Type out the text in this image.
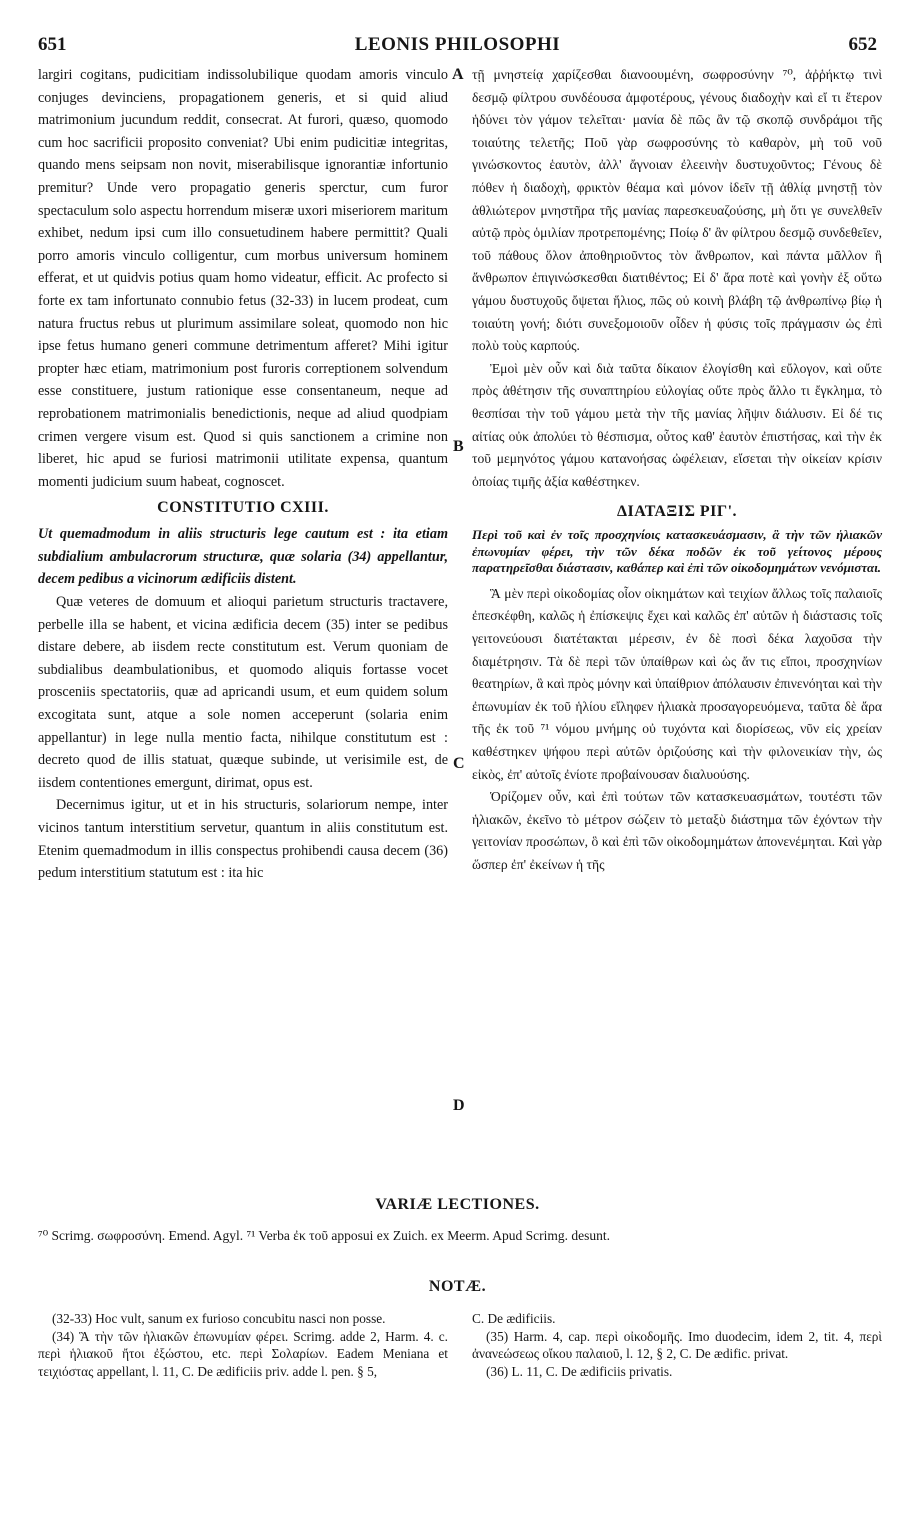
651	LEONIS PHILOSOPHI	652

largiri cogitans, pudicitiam indissolubilique quodam amoris vinculo conjuges devinciens, propagationem generis, et si quid aliud matrimonium jucundum reddit, consecrat. At furori, quæso, quomodo cum hoc sacrificii proposito conveniat? Ubi enim pudicitiæ integritas, quando mens seipsam non novit, miserabilisque ignorantiæ infortunio premitur? Unde vero propagatio generis sperctur, cum furor spectaculum solo aspectu horrendum miseræ uxori miseriorem maritum exhibet, nedum ipsi cum illo consuetudinem habere permittit? Quali porro amoris vinculo colligentur, cum morbus universum hominem efferat, et ut quidvis potius quam homo videatur, efficit. Ac profecto si forte ex tam infortunato connubio fetus (32-33) in lucem prodeat, cum natura fructus rebus ut plurimum assimilare soleat, quomodo non hic ipse fetus humano generi commune detrimentum afferet? Mihi igitur propter hæc etiam, matrimonium post furoris correptionem solvendum esse constituere, justum rationique esse consentaneum, neque ad reprobationem matrimonialis benedictionis, neque ad aliud quodpiam crimen vergere visum est. Quod si quis sanctionem a crimine non liberet, hic apud se furiosi matrimonii utilitate expensa, quantum momenti judicium suum habeat, cognoscet.

CONSTITUTIO CXIII.

Ut quemadmodum in aliis structuris lege cautum est : ita etiam subdialium ambulacrorum structuræ, quæ solaria (34) appellantur, decem pedibus a vicinorum ædificiis distent.

Quæ veteres de domuum et alioqui parietum structuris tractavere, perbelle illa se habent, et vicina ædificia decem (35) inter se pedibus distare debere, ab iisdem recte constitutum est. Verum quoniam de subdialibus deambulationibus, et quomodo aliquis fortasse vocet prosceniis spectatoriis, quæ ad apricandi usum, et eum quidem solum excogitata sunt, atque a sole nomen acceperunt (solaria enim appellantur) in lege nulla mentio facta, nihilque constitutum est : decreto quod de illis statuat, quæque subinde, ut verisimile est, de iisdem contentiones emergunt, dirimat, opus est.

Decernimus igitur, ut et in his structuris, solariorum nempe, inter vicinos tantum interstitium servetur, quantum in aliis constitutum est. Etenim quemadmodum in illis conspectus prohibendi causa decem (36) pedum interstitium statutum est : ita hic

A
B
C
D

τῇ μνηστείᾳ χαρίζεσθαι διανοουμένη, σωφροσύνην ⁷⁰, ἀῤῥήκτῳ τινὶ δεσμῷ φίλτρου συνδέουσα ἀμφοτέρους, γένους διαδοχὴν καὶ εἴ τι ἕτερον ἡδύνει τὸν γάμον τελεῖται· μανία δὲ πῶς ἂν τῷ σκοπῷ συνδράμοι τῆς τοιαύτης τελετῆς; Ποῦ γὰρ σωφροσύνης τὸ καθαρὸν, μὴ τοῦ νοῦ γινώσκοντος ἑαυτὸν, ἀλλ' ἄγνοιαν ἐλεεινὴν δυστυχοῦντος; Γένους δὲ πόθεν ἡ διαδοχὴ, φρικτὸν θέαμα καὶ μόνον ἰδεῖν τῇ ἀθλίᾳ μνηστῇ τὸν ἀθλιώτερον μνηστῆρα τῆς μανίας παρεσκευαζούσης, μὴ ὅτι γε συνελθεῖν αὐτῷ πρὸς ὁμιλίαν προτρεπομένης; Ποίῳ δ' ἂν φίλτρου δεσμῷ συνδεθεῖεν, τοῦ πάθους ὅλον ἀποθηριοῦντος τὸν ἄνθρωπον, καὶ πάντα μᾶλλον ἢ ἄνθρωπον ἐπιγινώσκεσθαι διατιθέντος; Εἰ δ' ἄρα ποτὲ καὶ γονὴν ἐξ οὕτω γάμου δυστυχοῦς ὄψεται ἥλιος, πῶς οὐ κοινὴ βλάβη τῷ ἀνθρωπίνῳ βίῳ ἡ τοιαύτη γονή; διότι συνεξομοιοῦν οἶδεν ἡ φύσις τοῖς πράγμασιν ὡς ἐπὶ πολὺ τοὺς καρπούς.

Ἐμοὶ μὲν οὖν καὶ διὰ ταῦτα δίκαιον ἐλογίσθη καὶ εὔλογον, καὶ οὔτε πρὸς ἀθέτησιν τῆς συναπτηρίου εὐλογίας οὔτε πρὸς ἄλλο τι ἔγκλημα, τὸ θεσπίσαι τὴν τοῦ γάμου μετὰ τὴν τῆς μανίας λῆψιν διάλυσιν. Εἰ δέ τις αἰτίας οὐκ ἀπολύει τὸ θέσπισμα, οὗτος καθ' ἑαυτὸν ἐπιστήσας, καὶ τὴν ἐκ τοῦ μεμηνότος γάμου κατανοήσας ὠφέλειαν, εἴσεται τὴν οἰκείαν κρίσιν ὁποίας τιμῆς ἀξία καθέστηκεν.

ΔΙΑΤΑΞΙΣ ΡΙΓ'.

Περὶ τοῦ καὶ ἐν τοῖς προσχηνίοις κατασκευάσμασιν, ἃ τὴν τῶν ἡλιακῶν ἐπωνυμίαν φέρει, τὴν τῶν δέκα ποδῶν ἐκ τοῦ γείτονος μέρους παρατηρεῖσθαι διάστασιν, καθάπερ καὶ ἐπὶ τῶν οἰκοδομημάτων νενόμισται.

Ἃ μὲν περὶ οἰκοδομίας οἷον οἰκημάτων καὶ τειχίων ἄλλως τοῖς παλαιοῖς ἐπεσκέφθη, καλῶς ἡ ἐπίσκεψις ἔχει καὶ καλῶς ἐπ' αὐτῶν ἡ διάστασις τοῖς γειτονεύουσι διατέτακται μέρεσιν, ἐν δὲ ποσὶ δέκα λαχοῦσα τὴν διαμέτρησιν. Τὰ δὲ περὶ τῶν ὑπαίθρων καὶ ὡς ἄν τις εἴποι, προσχηνίων θεατηρίων, ἃ καὶ πρὸς μόνην καὶ ὑπαίθριον ἀπόλαυσιν ἐπινενόηται καὶ τὴν ἐπωνυμίαν ἐκ τοῦ ἡλίου εἴληφεν ἡλιακὰ προσαγορευόμενα, ταῦτα δὲ ἄρα τῆς ἐκ τοῦ ⁷¹ νόμου μνήμης οὐ τυχόντα καὶ διορίσεως, νῦν εἰς χρείαν καθέστηκεν ψήφου περὶ αὐτῶν ὁριζούσης καὶ τὴν φιλονεικίαν τὴν, ὡς εἰκὸς, ἐπ' αὐτοῖς ἐνίοτε προβαίνουσαν διαλυούσης.

Ὁρίζομεν οὖν, καὶ ἐπὶ τούτων τῶν κατασκευασμάτων, τουτέστι τῶν ἡλιακῶν, ἐκεῖνο τὸ μέτρον σώζειν τὸ μεταξὺ διάστημα τῶν ἐχόντων τὴν γειτονίαν προσώπων, ὃ καὶ ἐπὶ τῶν οἰκοδομημάτων ἀπονενέμηται. Καὶ γὰρ ὥσπερ ἐπ' ἐκείνων ἡ τῆς

VARIÆ LECTIONES.
⁷⁰ Scrimg. σωφροσύνη. Emend. Agyl. ⁷¹ Verba ἐκ τοῦ apposui ex Zuich. ex Meerm. Apud Scrimg. desunt.
NOTÆ.

(32-33) Hoc vult, sanum ex furioso concubitu nasci non posse.

(34) Ἃ τὴν τῶν ἡλιακῶν ἐπωνυμίαν φέρει. Scrimg. adde 2, Harm. 4. c. περὶ ἡλιακοῦ ἤτοι ἐξώστου, etc. περὶ Σολαρίων. Eadem Meniana et τειχιόστας appellant, l. 11, C. De ædificiis priv. adde l. pen. § 5,

C. De ædificiis.

(35) Harm. 4, cap. περὶ οἰκοδομῆς. Imo duodecim, idem 2, tit. 4, περὶ ἀνανεώσεως οἴκου παλαιοῦ, l. 12, § 2, C. De ædific. privat.

(36) L. 11, C. De ædificiis privatis.
